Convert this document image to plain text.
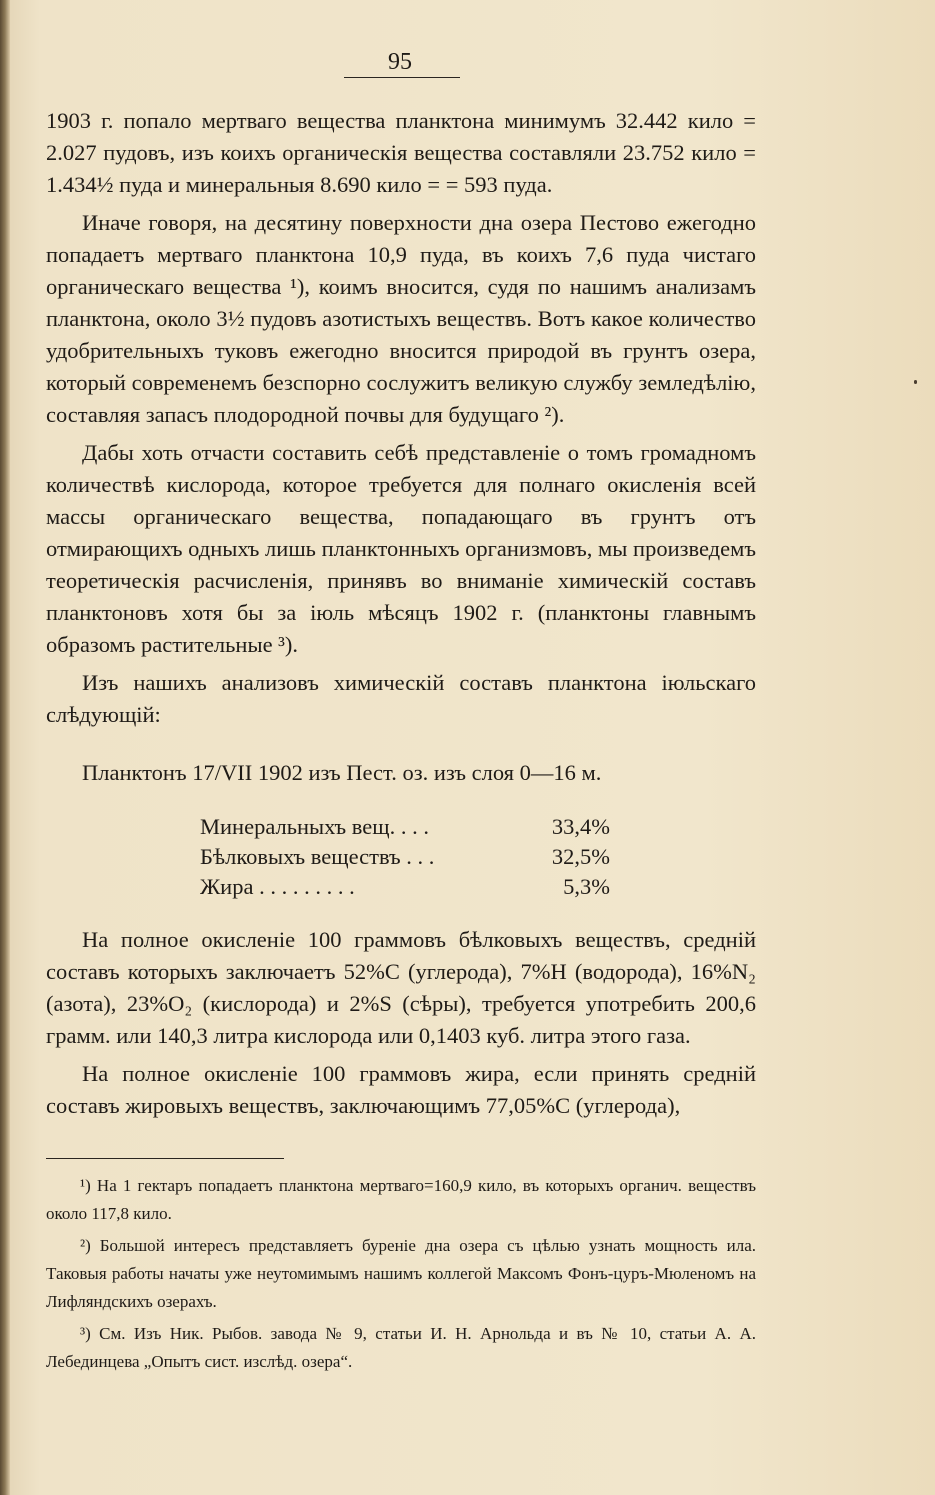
95

1903 г. попало мертваго вещества планктона минимумъ 32.442 кило = 2.027 пудовъ, изъ коихъ органическія вещества составляли 23.752 кило = 1.434½ пуда и минеральныя 8.690 кило = = 593 пуда.

Иначе говоря, на десятину поверхности дна озера Пестово ежегодно попадаетъ мертваго планктона 10,9 пуда, въ коихъ 7,6 пуда чистаго органическаго вещества ¹), коимъ вносится, судя по нашимъ анализамъ планктона, около 3½ пудовъ азотистыхъ веществъ. Вотъ какое количество удобрительныхъ туковъ ежегодно вносится природой въ грунтъ озера, который современемъ безспорно сослужитъ великую службу земледѣлію, составляя запасъ плодородной почвы для будущаго ²).

Дабы хоть отчасти составить себѣ представленіе о томъ громадномъ количествѣ кислорода, которое требуется для полнаго окисленія всей массы органическаго вещества, попадающаго въ грунтъ отъ отмирающихъ одныхъ лишь планктонныхъ организмовъ, мы произведемъ теоретическія расчисленія, принявъ во вниманіе химическій составъ планктоновъ хотя бы за іюль мѣсяцъ 1902 г. (планктоны главнымъ образомъ растительные ³).

Изъ нашихъ анализовъ химическій составъ планктона іюльскаго слѣдующій:

Планктонъ 17/VII 1902 изъ Пест. оз. изъ слоя 0—16 м.
Минеральныхъ вещ. . . .	33,4%
Бѣлковыхъ веществъ . . .	32,5%
Жира . . . . . . . . .	5,3%

На полное окисленіе 100 граммовъ бѣлковыхъ веществъ, среднiй составъ которыхъ заключаетъ 52%C (углерода), 7%H (водорода), 16%N₂ (азота), 23%O₂ (кислорода) и 2%S (сѣры), требуется употребить 200,6 грамм. или 140,3 литра кислорода или 0,1403 куб. литра этого газа.

На полное окисленіе 100 граммовъ жира, если принять среднiй составъ жировыхъ веществъ, заключающимъ 77,05%C (углерода),

¹) На 1 гектаръ попадаетъ планктона мертваго=160,9 кило, въ которыхъ органич. веществъ около 117,8 кило.

²) Большой интересъ представляетъ буреніе дна озера съ цѣлью узнать мощность ила. Таковыя работы начаты уже неутомимымъ нашимъ коллегой Максомъ Фонъ-цуръ-Мюленомъ на Лифляндскихъ озерахъ.

³) См. Изъ Ник. Рыбов. завода № 9, статьи И. Н. Арнольда и въ № 10, статьи А. А. Лебединцева „Опытъ сист. изслѣд. озера“.
